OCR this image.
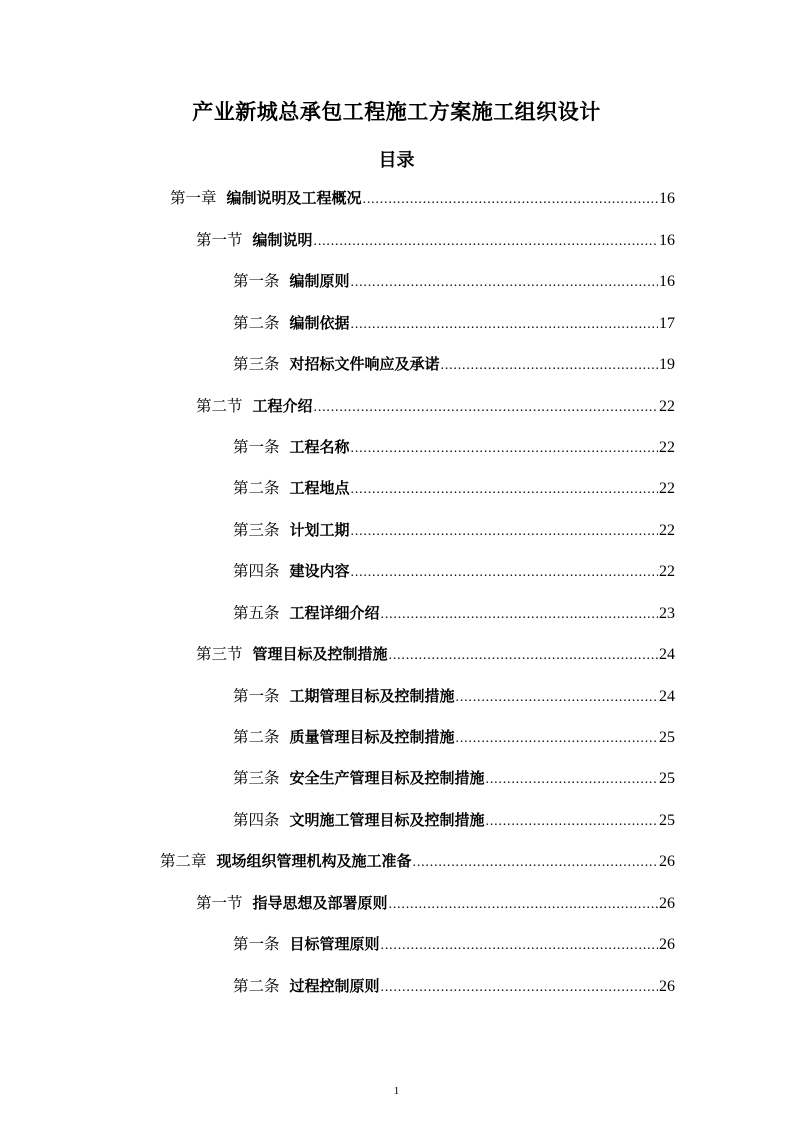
产业新城总承包工程施工方案施工组织设计
目录
第一章 编制说明及工程概况 .....	16
第一节 编制说明 .....	16
第一条 编制原则 .....	16
第二条 编制依据 .....	17
第三条 对招标文件响应及承诺 .....	19
第二节 工程介绍 .....	22
第一条 工程名称 .....	22
第二条 工程地点 .....	22
第三条 计划工期 .....	22
第四条 建设内容 .....	22
第五条 工程详细介绍 .....	23
第三节 管理目标及控制措施 .....	24
第一条 工期管理目标及控制措施 .....	24
第二条 质量管理目标及控制措施 .....	25
第三条 安全生产管理目标及控制措施 .....	25
第四条 文明施工管理目标及控制措施 .....	25
第二章 现场组织管理机构及施工准备 .....	26
第一节 指导思想及部署原则 .....	26
第一条 目标管理原则 .....	26
第二条 过程控制原则 .....	26
1
